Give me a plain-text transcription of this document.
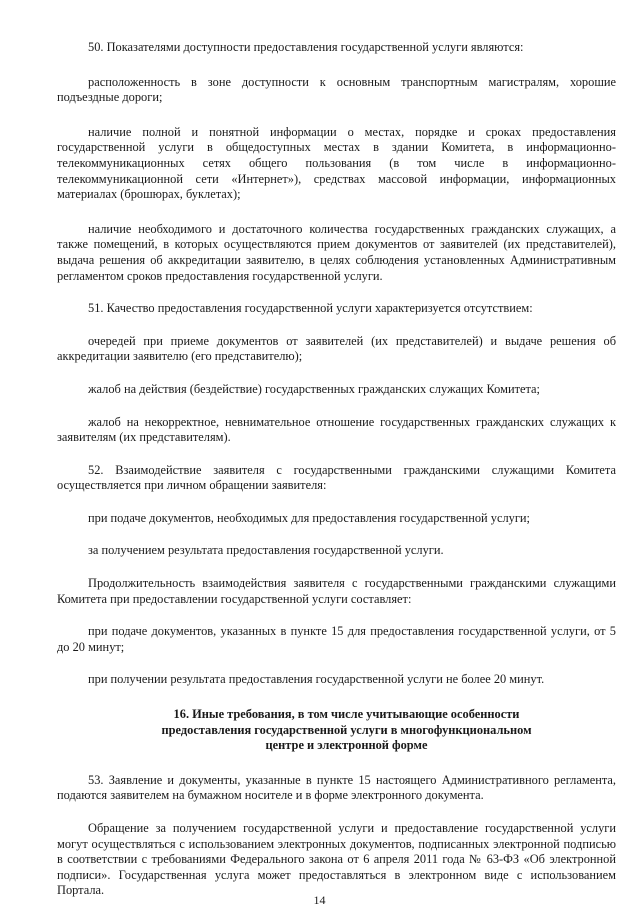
50. Показателями доступности предоставления государственной услуги являются:

расположенность в зоне доступности к основным транспортным магистралям, хорошие подъездные дороги;

наличие полной и понятной информации о местах, порядке и сроках предоставления государственной услуги в общедоступных местах в здании Комитета, в информационно-телекоммуникационных сетях общего пользования (в том числе в информационно-телекоммуникационной сети «Интернет»), средствах массовой информации, информационных материалах (брошюрах, буклетах);

наличие необходимого и достаточного количества государственных гражданских служащих, а также помещений, в которых осуществляются прием документов от заявителей (их представителей), выдача решения об аккредитации заявителю, в целях соблюдения установленных Административным регламентом сроков предоставления государственной услуги.

51. Качество предоставления государственной услуги характеризуется отсутствием:

очередей при приеме документов от заявителей (их представителей) и выдаче решения об аккредитации заявителю (его представителю);

жалоб на действия (бездействие) государственных гражданских служащих Комитета;

жалоб на некорректное, невнимательное отношение государственных гражданских служащих к заявителям (их представителям).

52. Взаимодействие заявителя с государственными гражданскими служащими Комитета осуществляется при личном обращении заявителя:

при подаче документов, необходимых для предоставления государственной услуги;

за получением результата предоставления государственной услуги.

Продолжительность взаимодействия заявителя с государственными гражданскими служащими Комитета при предоставлении государственной услуги составляет:

при подаче документов, указанных в пункте 15 для предоставления государственной услуги, от 5 до 20 минут;

при получении результата предоставления государственной услуги не более 20 минут.

16. Иные требования, в том числе учитывающие особенности
предоставления государственной услуги в многофункциональном
центре и электронной форме

53. Заявление и документы, указанные в пункте 15 настоящего Административного регламента, подаются заявителем на бумажном носителе и в форме электронного документа.

Обращение за получением государственной услуги и предоставление государственной услуги могут осуществляться с использованием электронных документов, подписанных электронной подписью в соответствии с требованиями Федерального закона от 6 апреля 2011 года № 63-ФЗ «Об электронной подписи». Государственная услуга может предоставляться в электронном виде с использованием Портала.

14
